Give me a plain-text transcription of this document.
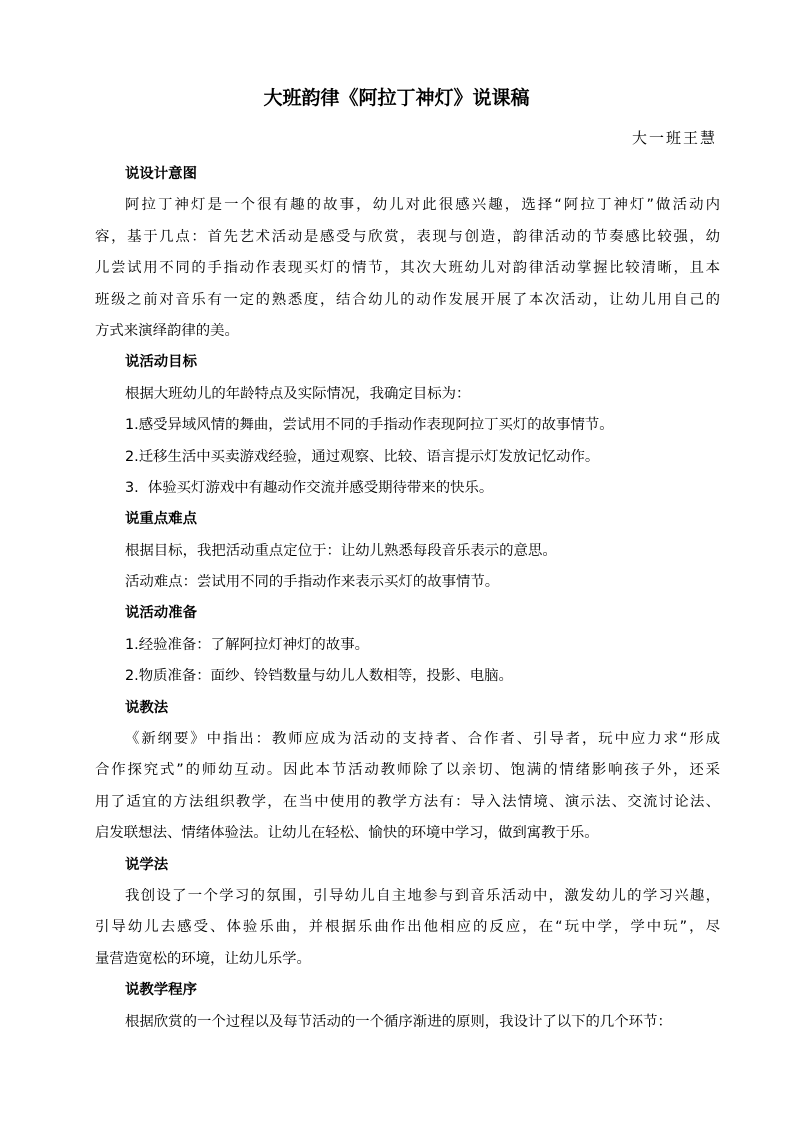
大班韵律《阿拉丁神灯》说课稿
大一班王慧
说设计意图
阿拉丁神灯是一个很有趣的故事，幼儿对此很感兴趣，选择“阿拉丁神灯”做活动内
容，基于几点：首先艺术活动是感受与欣赏，表现与创造，韵律活动的节奏感比较强，幼
儿尝试用不同的手指动作表现买灯的情节，其次大班幼儿对韵律活动掌握比较清晰，且本
班级之前对音乐有一定的熟悉度，结合幼儿的动作发展开展了本次活动，让幼儿用自己的
方式来演绎韵律的美。
说活动目标
根据大班幼儿的年龄特点及实际情况，我确定目标为：
1.感受异域风情的舞曲，尝试用不同的手指动作表现阿拉丁买灯的故事情节。
2.迁移生活中买卖游戏经验，通过观察、比较、语言提示灯发放记忆动作。
3.  体验买灯游戏中有趣动作交流并感受期待带来的快乐。
说重点难点
根据目标，我把活动重点定位于：让幼儿熟悉每段音乐表示的意思。
活动难点：尝试用不同的手指动作来表示买灯的故事情节。
说活动准备
1.经验准备：了解阿拉灯神灯的故事。
2.物质准备：面纱、铃铛数量与幼儿人数相等，投影、电脑。
说教法
《新纲要》中指出：教师应成为活动的支持者、合作者、引导者，玩中应力求“形成
合作探究式”的师幼互动。因此本节活动教师除了以亲切、饱满的情绪影响孩子外，还采
用了适宜的方法组织教学，在当中使用的教学方法有：导入法情境、演示法、交流讨论法、
启发联想法、情绪体验法。让幼儿在轻松、愉快的环境中学习，做到寓教于乐。
说学法
我创设了一个学习的氛围，引导幼儿自主地参与到音乐活动中，激发幼儿的学习兴趣，
引导幼儿去感受、体验乐曲，并根据乐曲作出他相应的反应，在“玩中学，学中玩”，尽
量营造宽松的环境，让幼儿乐学。
说教学程序
根据欣赏的一个过程以及每节活动的一个循序渐进的原则，我设计了以下的几个环节：
